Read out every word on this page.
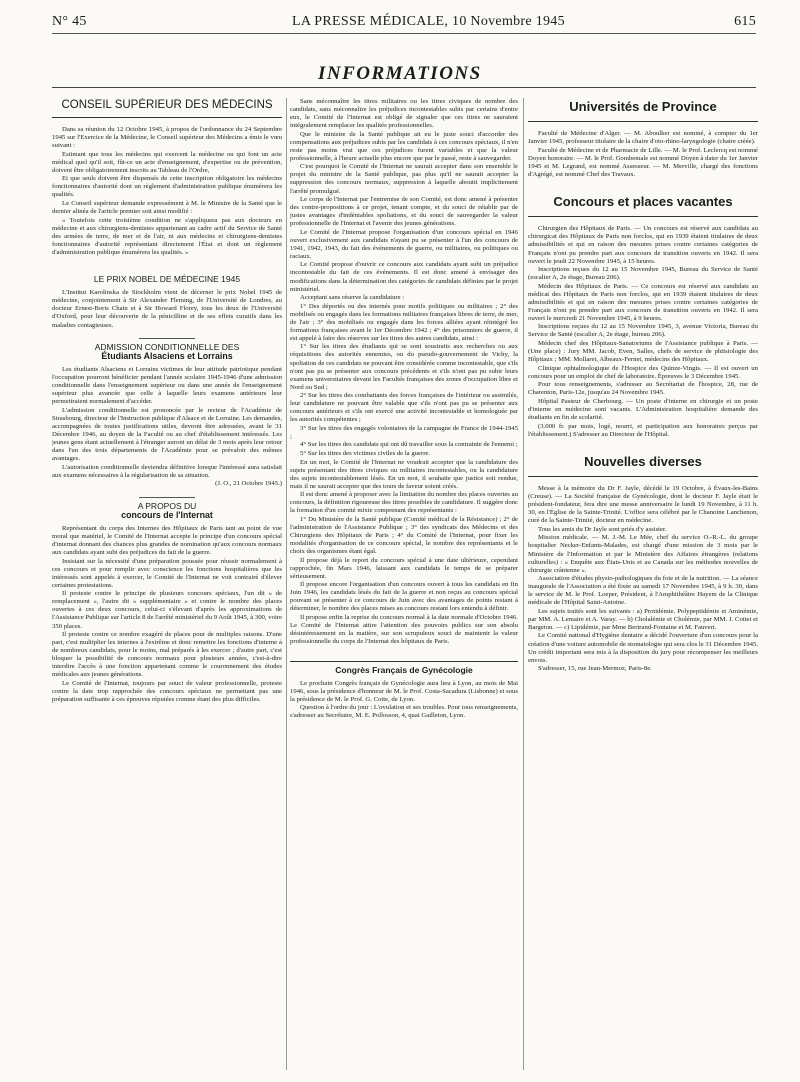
N° 45	LA PRESSE MÉDICALE, 10 Novembre 1945	615
INFORMATIONS
CONSEIL SUPÉRIEUR DES MÉDECINS

Dans sa réunion du 12 Octobre 1945, à propos de l'ordonnance du 24 Septembre 1945 sur l'Exercice de la Médecine, le Conseil supérieur des Médecins a émis le vœu suivant :

Estimant que tous les médecins qui exercent la médecine ou qui font un acte médical quel qu'il soit, fût-ce un acte d'enseignement, d'expertise ou de prévention, doivent être obligatoirement inscrits au Tableau de l'Ordre,

Et que seuls doivent être dispensés de cette inscription obligatoire les médecins fonctionnaires d'autorité dont un règlement d'administration publique énumérera les qualités.

Le Conseil supérieur demande expressément à M. le Ministre de la Santé que le dernier alinéa de l'article premier soit ainsi modifié :

« Toutefois cette troisième condition ne s'appliquera pas aux docteurs en médecine et aux chirurgiens-dentistes appartenant au cadre actif du Service de Santé des armées de terre, de mer et de l'air, ni aux médecins et chirurgiens-dentistes fonctionnaires d'autorité représentant directement l'État et dont un règlement d'administration publique énumérera les qualités. »

LE PRIX NOBEL DE MÉDECINE 1945

L'Institut Karolinska de Stockholm vient de décerner le prix Nobel 1945 de médecine, conjointement à Sir Alexander Fleming, de l'Université de Londres, au docteur Ernest-Boris Chain et à Sir Howard Florey, tous les deux de l'Université d'Oxford, pour leur découverte de la pénicilline et de ses effets curatifs dans les maladies contagieuses.

ADMISSION CONDITIONNELLE DES
Étudiants Alsaciens et Lorrains

Les étudiants Alsaciens et Lorrains victimes de leur attitude patriotique pendant l'occupation pourront bénéficier pendant l'année scolaire 1945-1946 d'une admission conditionnelle dans l'enseignement supérieur ou dans une année de l'enseignement supérieur plus avancée que celle à laquelle leurs examens antérieurs leur permettraient normalement d'accéder.

L'admission conditionnelle est prononcée par le recteur de l'Académie de Strasbourg, directeur de l'Instruction publique d'Alsace et de Lorraine. Les demandes, accompagnées de toutes justifications utiles, devront être adressées, avant le 31 Décembre 1946, au doyen de la Faculté ou au chef d'établissement intéressés. Les jeunes gens étant actuellement à l'étranger auront un délai de 3 mois après leur retour dans l'un des trois départements de l'Académie pour se prévaloir des mêmes avantages.

L'autorisation conditionnelle deviendra définitive lorsque l'intéressé aura satisfait aux examens nécessaires à la régularisation de sa situation.

(J. O., 21 Octobre 1945.)

A PROPOS DU
concours de l'Internat

Représentant du corps des Internes des Hôpitaux de Paris tant au point de vue moral que matériel, le Comité de l'Internat accepte le principe d'un concours spécial d'internat donnant des chances plus grandes de nomination qu'aux concours normaux aux candidats ayant subi des préjudices du fait de la guerre.

Insistant sur la nécessité d'une préparation poussée pour réussir normalement à ces concours et pour remplir avec conscience les fonctions hospitalières que les intéressés sont appelés à exercer, le Comité de l'Internat ne voit contrairé d'élever certaines protestations.

Il proteste contre le principe de plusieurs concours spéciaux, l'un dit « de remplacement », l'autre dit « supplémentaire » et contre le nombre des places ouvertes à ces deux concours, celui-ci s'élevant d'après les approximations de l'Assistance Publique sur l'article 8 de l'arrêté ministériel du 9 Août 1945, à 300, voire 350 places.

Il proteste contre ce nombre exagéré de places pour de multiples raisons. D'une part, c'est multiplier les internes à l'extrême et donc remettre les fonctions d'interne à de nombreux candidats, pour le moins, mal préparés à les exercer ; d'autre part, c'est bloquer la possibilité de concours normaux pour plusieurs années, c'est-à-dire interdire l'accès à une fonction appartenant comme le couronnement des études médicales aux jeunes générations.

Le Comité de l'Internat, toujours par souci de valeur professionnelle, proteste contre la date trop rapprochée des concours spéciaux ne permettant pas une préparation suffisante à ces épreuves réputées comme étant des plus difficiles.

Sans méconnaître les titres militaires ou les titres civiques de nombre des candidats, sans méconnaître les préjudices incontestables subis par certains d'entre eux, le Comité de l'Internat est obligé de signaler que ces titres ne sauraient intégralement remplacer les qualités professionnelles.

Que le ministre de la Santé publique ait eu le juste souci d'accorder des compensations aux préjudices subis par les candidats à ces concours spéciaux, il n'en reste pas moins vrai que ces préjudices furent variables et que la valeur professionnelle, à l'heure actuelle plus encore que par le passé, reste à sauvegarder.

C'est pourquoi le Comité de l'Internat ne saurait accepter dans son ensemble le projet du ministre de la Santé publique, pas plus qu'il ne saurait accepter la suppression des concours normaux, suppression à laquelle aboutit implicitement l'arrêté promulgué.

Le corps de l'Internat par l'entremise de son Comité, est donc amené à présenter des contre-propositions à ce projet, tenant compte, et du souci de rétablir par de justes avantages d'indéniables spoliations, et du souci de sauvegarder la valeur professionnelle de l'Internat et l'avenir des jeunes générations.

Le Comité de l'Internat propose l'organisation d'un concours spécial en 1946 ouvert exclusivement aux candidats n'ayant pu se présenter à l'un des concours de 1941, 1942, 1943, du fait des événements de guerre, ou militaires, ou politiques ou raciaux.

Le Comité propose d'ouvrir ce concours aux candidats ayant subi un préjudice incontestable du fait de ces événements. Il est donc amené à envisager des modifications dans la détermination des catégories de candidats définies par le projet ministériel.

Acceptant sans réserve la candidature :

1° Des déportés ou des internés pour motifs politiques ou militaires ; 2° des mobilisés ou engagés dans les formations militaires françaises libres de terre, de mer, de l'air ; 3° des mobilisés ou engagés dans les forces alliées ayant réintégré les formations françaises avant le 1er Décembre 1942 ; 4° des prisonniers de guerre, il est appelé à faire des réserves sur les titres des autres candidats, ainsi :

1° Sur les titres des étudiants qui se sont soustraits aux recherches ou aux réquisitions des autorités ennemies, ou du pseudo-gouvernement de Vichy, la spoliation de ces candidats ne pouvant être considérée comme incontestable, que s'ils n'ont pas pu se présenter aux concours précédents et s'ils n'ont pas pu subir leurs examens universitaires devant les Facultés françaises des zones d'occupation libre et Nord ou Sud ;

2° Sur les titres des combattants des forces françaises de l'intérieur ou assimilés, leur candidature ne pouvant être valable que s'ils n'ont pas pu se présenter aux concours antérieurs et s'ils ont exercé une activité incontestable et homologuée par les autorités compétentes ;

3° Sur les titres des engagés volontaires de la campagne de France de 1944-1945 ;

4° Sur les titres des candidats qui ont dû travailler sous la contrainte de l'ennemi ;

5° Sur les titres des victimes civiles de la guerre.

En un mot, le Comité de l'Internat ne voudrait accepter que la candidature des sujets présentant des titres civiques ou militaires incontestables, ou la candidature des sujets incontestablement lésés. En un mot, il souhaite que justice soit rendue, mais il ne saurait accepter que des tours de faveur soient créés.

Il est donc amené à proposer avec la limitation du nombre des places ouvertes au concours, la définition rigoureuse des titres possibles de candidature. Il suggère donc la formation d'un comité mixte comprenant des représentants :

1° Du Ministère de la Santé publique (Comité médical de la Résistance) ; 2° de l'administration de l'Assistance Publique ; 3° des syndicats des Médecins et des Chirurgiens des Hôpitaux de Paris ; 4° du Comité de l'Internat, pour fixer les modalités d'organisation de ce concours spécial, le nombre des représentants et le choix des organismes étant égal.

Il propose déjà le report du concours spécial à une date ultérieure, cependant rapprochée, fin Mars 1946, laissant aux candidats le temps de se préparer sérieusement.

Il propose encore l'organisation d'un concours ouvert à tous les candidats en fin Juin 1946, les candidats lésés du fait de la guerre et non reçus au concours spécial pouvant se présenter à ce concours de Juin avec des avantages de points restant à déterminer, le nombre des places mises au concours restant lors entendu à définir.

Il propose enfin la reprise du concours normal à la date normale d'Octobre 1946. Le Comité de l'Internat attire l'attention des pouvoirs publics sur son absolu désintéressement en la matière, sur son scrupuleux souci de maintenir la valeur professionnelle du corps de l'Internat des hôpitaux de Paris.

Congrès Français de Gynécologie

Le prochain Congrès français de Gynécologie aura lieu à Lyon, au mois de Mai 1946, sous la présidence d'honneur de M. le Prof. Costa-Sacadura (Lisbonne) et sous la présidence de M. le Prof. G. Cotte, de Lyon.

Question à l'ordre du jour : L'ovulation et ses troubles. Pour tous renseignements, s'adresser au Secrétaire, M. E. Pollosson, 4, quai Gailleton, Lyon.

Universités de Province

Faculté de Médecine d'Alger. — M. Aboulker est nommé, à compter du 1er Janvier 1945, professeur titulaire de la chaire d'oto-rhino-laryngologie (chaire créée).

Faculté de Médecine et de Pharmacie de Lille. — M. le Prof. Leclercq est nommé Doyen honoraire. — M. le Prof. Gombemale est nommé Doyen à dater du 1er Janvier 1945 et M. Legrand, est nommé Assesseur. — M. Merville, chargé des fonctions d'Agrégé, est nommé Chef des Travaux.

Concours et places vacantes

Chirurgien des Hôpitaux de Paris. — Un concours est réservé aux candidats au chirurgicat des Hôpitaux de Paris non forclos, qui en 1939 étaient titulaires de deux admissibilités et qui en raison des mesures prises contre certaines catégories de Français n'ont pu prendre part aux concours de transition ouverts en 1942. Il sera ouvert le jeudi 22 Novembre 1945, à 15 heures.

Inscriptions reçues du 12 au 15 Novembre 1945, Bureau du Service de Santé (escalier A, 2e étage, Bureau 206).

Médecin des Hôpitaux de Paris. — Ce concours est réservé aux candidats au médicat des Hôpitaux de Paris non forclos, qui en 1939 étaient titulaires de deux admissibilités et qui en raison des mesures prises contre certaines catégories de Français n'ont pu prendre part aux concours de transition ouverts en 1942. Il sera ouvert le mercredi 21 Novembre 1945, à 9 heures.

Inscriptions reçues du 12 au 15 Novembre 1945, 3, avenue Victoria, Bureau du Service de Santé (escalier A, 2e étage, bureau 206).

Médecin chef des Hôpitaux-Sanatoriums de l'Assistance publique à Paris. — (Une place) : Jury MM. Jacob, Even, Salles, chefs de service de phtisiologie des Hôpitaux ; MM. Mollaret, Albeaux-Fernet, médecins des Hôpitaux.

Clinique ophtalmologique de l'Hospice des Quinze-Vingts. — Il est ouvert un concours pour un emploi de chef de laboratoire. Épreuves le 3 Décembre 1945.

Pour tous renseignements, s'adresser au Secrétariat de l'hospice, 28, rue de Charenton, Paris-12e, jusqu'au 24 Novembre 1945.

Hôpital Pasteur de Cherbourg. — Un poste d'interne en chirurgie et un poste d'interne en médecine sont vacants. L'Administration hospitalière demande des étudiants en fin de scolarité.

(3.000 fr. par mois, logé, nourri, et participation aux honoraires perçus par l'établissement.) S'adresser au Directeur de l'Hôpital.

Nouvelles diverses

Messe à la mémoire du Dr F. Jayle, décédé le 19 Octobre, à Évaux-les-Bains (Creuse). — La Société française de Gynécologie, dont le docteur F. Jayle était le président-fondateur, fera dire une messe anniversaire le lundi 19 Novembre, à 11 h. 30, en l'Église de la Sainte-Trinité. L'office sera célébré par le Chanoine Lanchenon, curé de la Sainte-Trinité, docteur en médecine.

Tous les amis du Dr Jayle sont priés d'y assister.

Mission médicale. — M. J.-M. Le Mée, chef du service O.-R.-L. du groupe hospitalier Necker-Enfants-Malades, est chargé d'une mission de 3 mois par le Ministère de l'Information et par le Ministère des Affaires étrangères (relations culturelles) : « Enquête aux États-Unis et au Canada sur les méthodes nouvelles de chirurgie crânienne ».

Association d'études physio-pathologiques du foie et de la nutrition. — La séance inaugurale de l'Association a été fixée au samedi 17 Novembre 1945, à 9 h. 30, dans le service de M. le Prof. Loeper, Président, à l'Amphithéâtre Hayem de la Clinique médicale de l'Hôpital Saint-Antoine.

Les sujets traités sont les suivants : a) Protidémie. Polypeptidémie et Aminémie, par MM. A. Lemaire et A. Varay. — b) Cholalémie et Cholémie, par MM. J. Cottet et Bargeton. — c) Lipidémie, par Mme Bertrand-Fontaine et M. Fauvert.

Le Comité national d'Hygiène dentaire a décidé l'ouverture d'un concours pour la création d'une voiture automobile de stomatologie qui sera clos le 31 Décembre 1945. Un crédit important sera mis à la disposition du jury pour récompenser les meilleurs envois.

S'adresser, 15, rue Jean-Mermoz, Paris-8e.
